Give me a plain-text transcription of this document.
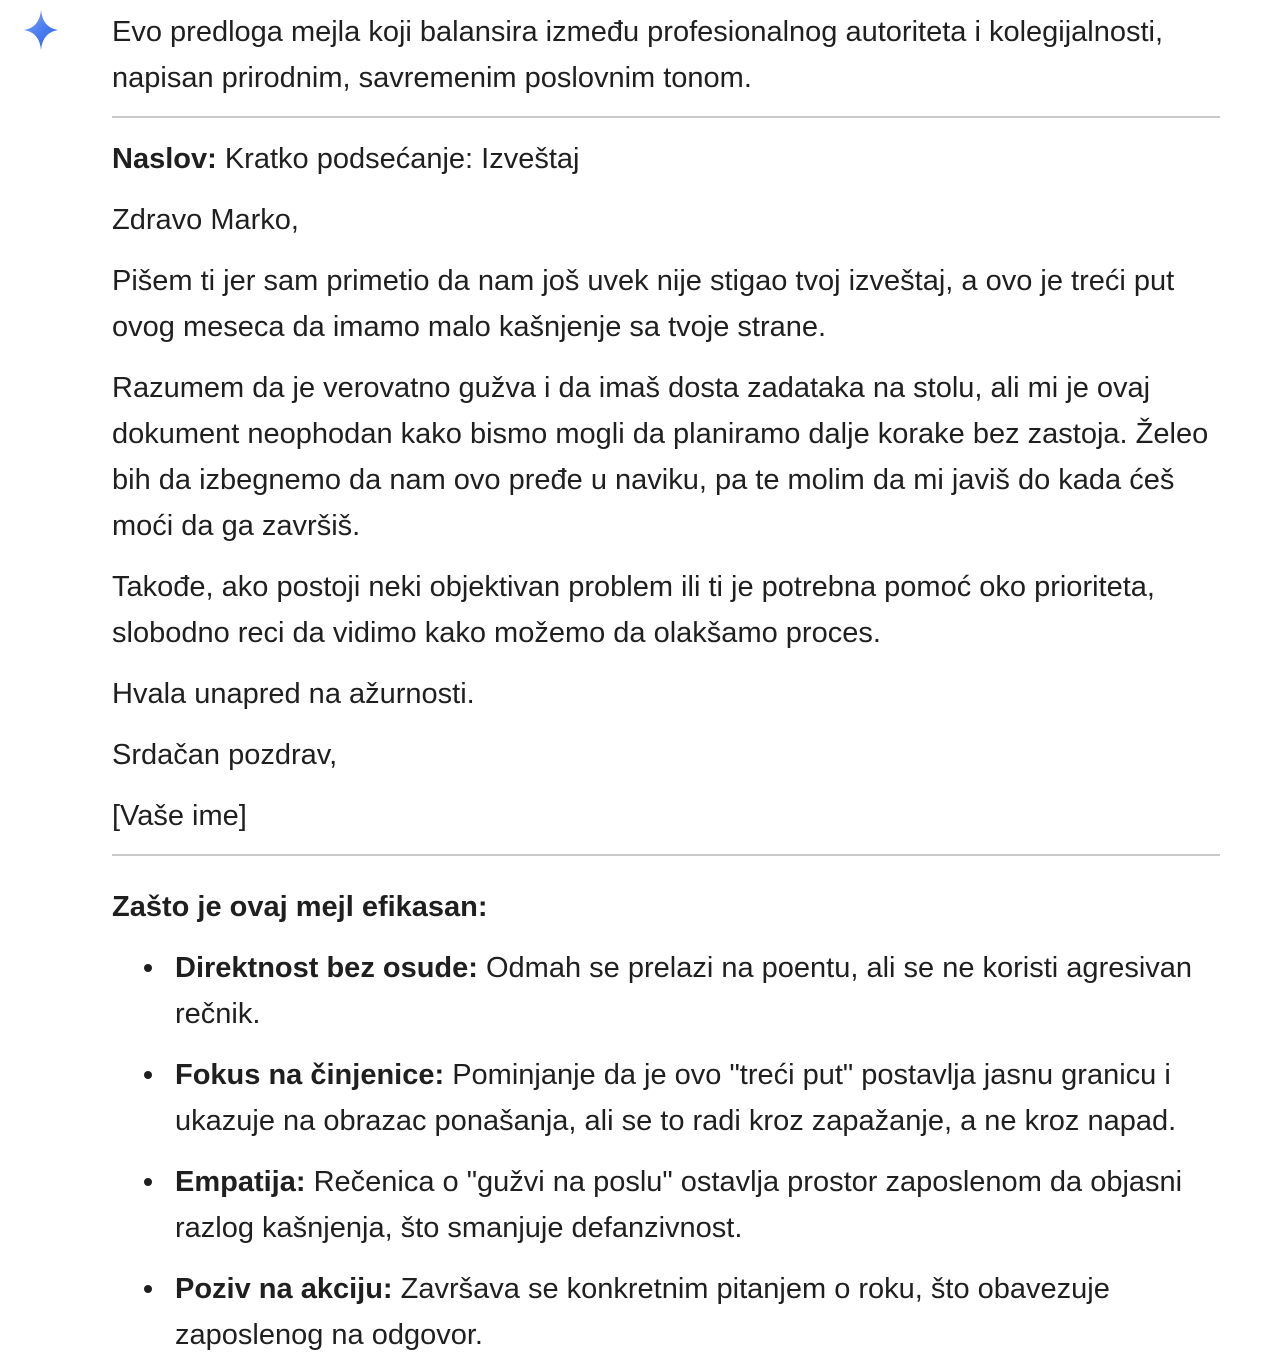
Evo predloga mejla koji balansira između profesionalnog autoriteta i kolegijalnosti, napisan prirodnim, savremenim poslovnim tonom.

Naslov: Kratko podsećanje: Izveštaj

Zdravo Marko,

Pišem ti jer sam primetio da nam još uvek nije stigao tvoj izveštaj, a ovo je treći put ovog meseca da imamo malo kašnjenje sa tvoje strane.

Razumem da je verovatno gužva i da imaš dosta zadataka na stolu, ali mi je ovaj dokument neophodan kako bismo mogli da planiramo dalje korake bez zastoja. Želeo bih da izbegnemo da nam ovo pređe u naviku, pa te molim da mi javiš do kada ćeš moći da ga završiš.

Takođe, ako postoji neki objektivan problem ili ti je potrebna pomoć oko prioriteta, slobodno reci da vidimo kako možemo da olakšamo proces.

Hvala unapred na ažurnosti.

Srdačan pozdrav,

[Vaše ime]

Zašto je ovaj mejl efikasan:

Direktnost bez osude: Odmah se prelazi na poentu, ali se ne koristi agresivan rečnik.
Fokus na činjenice: Pominjanje da je ovo "treći put" postavlja jasnu granicu i ukazuje na obrazac ponašanja, ali se to radi kroz zapažanje, a ne kroz napad.
Empatija: Rečenica o "gužvi na poslu" ostavlja prostor zaposlenom da objasni razlog kašnjenja, što smanjuje defanzivnost.
Poziv na akciju: Završava se konkretnim pitanjem o roku, što obavezuje zaposlenog na odgovor.
